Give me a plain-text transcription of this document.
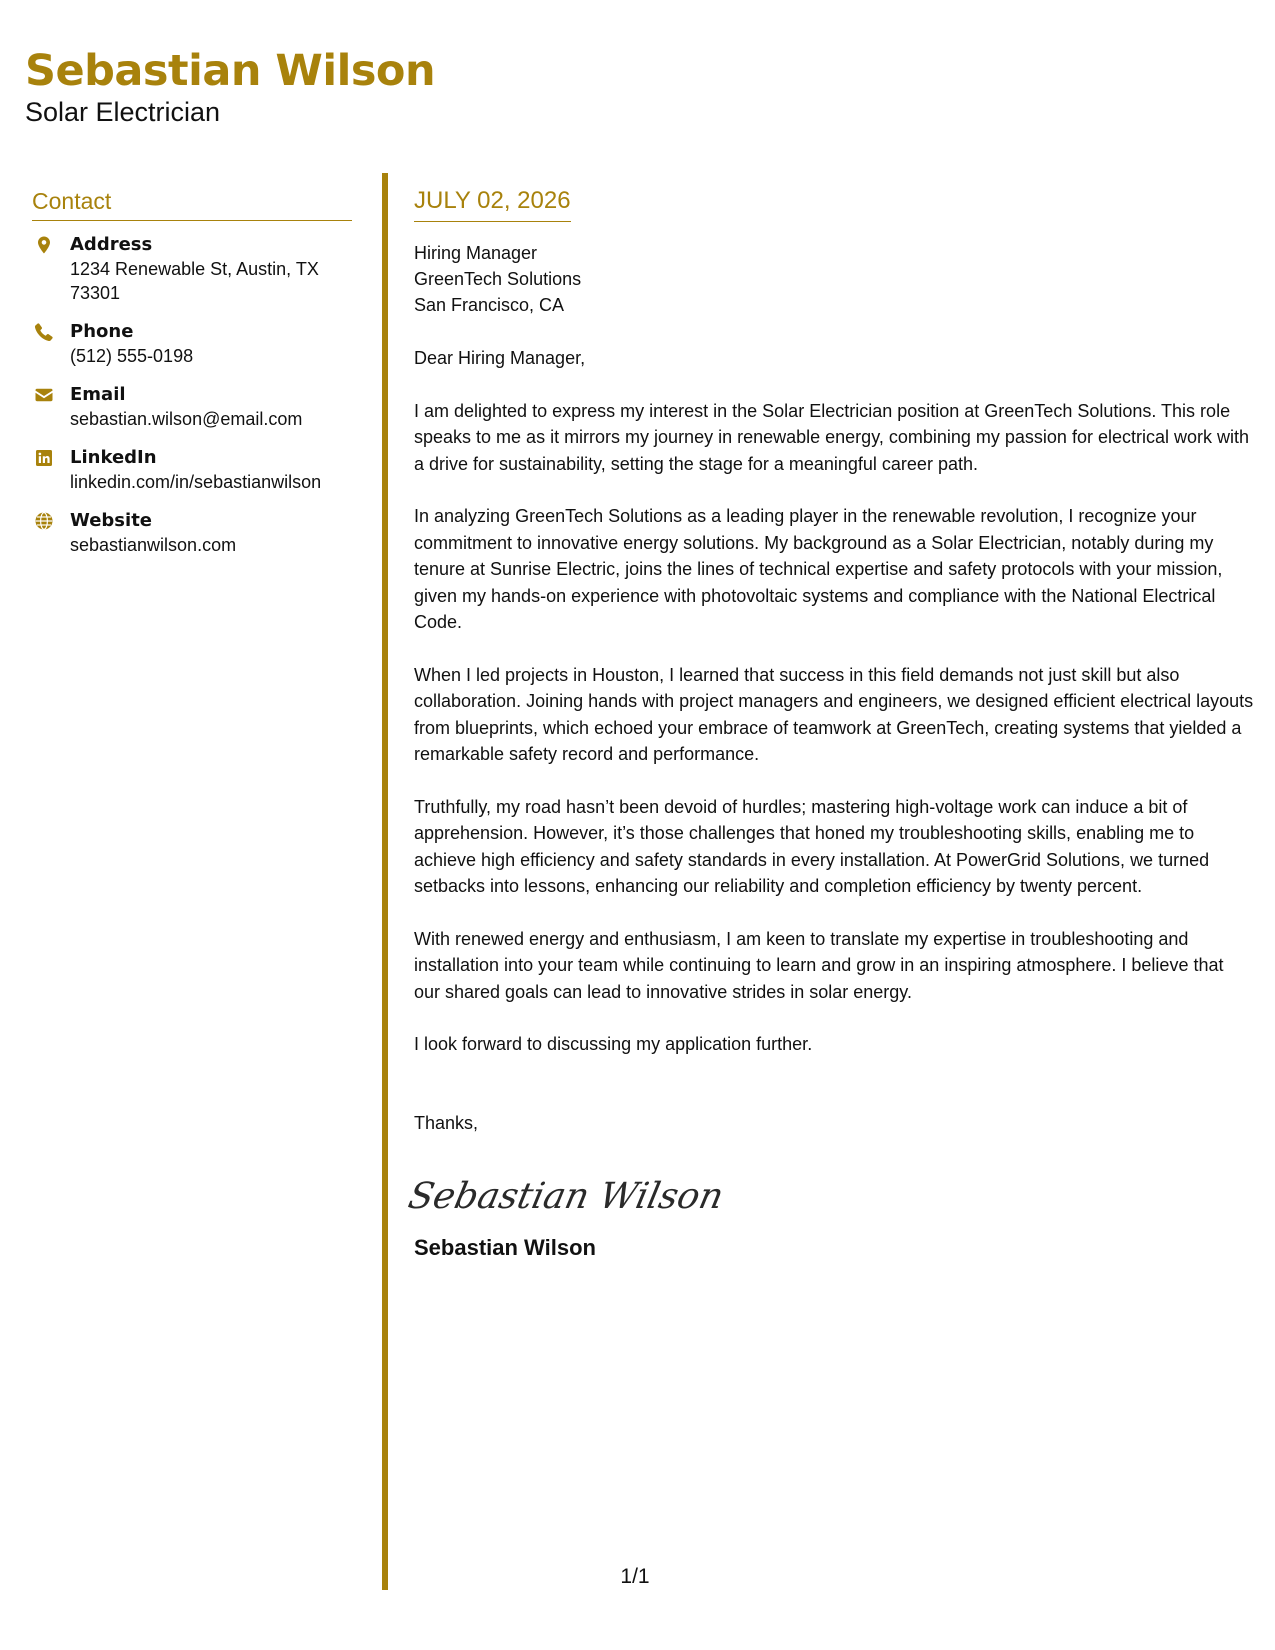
Sebastian Wilson
Solar Electrician
Contact
Address
1234 Renewable St, Austin, TX 73301
Phone
(512) 555-0198
Email
sebastian.wilson@email.com
LinkedIn
linkedin.com/in/sebastianwilson
Website
sebastianwilson.com
JULY 02, 2026
Hiring Manager
GreenTech Solutions
San Francisco, CA
Dear Hiring Manager,
I am delighted to express my interest in the Solar Electrician position at GreenTech Solutions. This role speaks to me as it mirrors my journey in renewable energy, combining my passion for electrical work with a drive for sustainability, setting the stage for a meaningful career path.
In analyzing GreenTech Solutions as a leading player in the renewable revolution, I recognize your commitment to innovative energy solutions. My background as a Solar Electrician, notably during my tenure at Sunrise Electric, joins the lines of technical expertise and safety protocols with your mission, given my hands-on experience with photovoltaic systems and compliance with the National Electrical Code.
When I led projects in Houston, I learned that success in this field demands not just skill but also collaboration. Joining hands with project managers and engineers, we designed efficient electrical layouts from blueprints, which echoed your embrace of teamwork at GreenTech, creating systems that yielded a remarkable safety record and performance.
Truthfully, my road hasn’t been devoid of hurdles; mastering high-voltage work can induce a bit of apprehension. However, it’s those challenges that honed my troubleshooting skills, enabling me to achieve high efficiency and safety standards in every installation. At PowerGrid Solutions, we turned setbacks into lessons, enhancing our reliability and completion efficiency by twenty percent.
With renewed energy and enthusiasm, I am keen to translate my expertise in troubleshooting and installation into your team while continuing to learn and grow in an inspiring atmosphere. I believe that our shared goals can lead to innovative strides in solar energy.
I look forward to discussing my application further.
Thanks,
Sebastian Wilson
Sebastian Wilson
1/1
